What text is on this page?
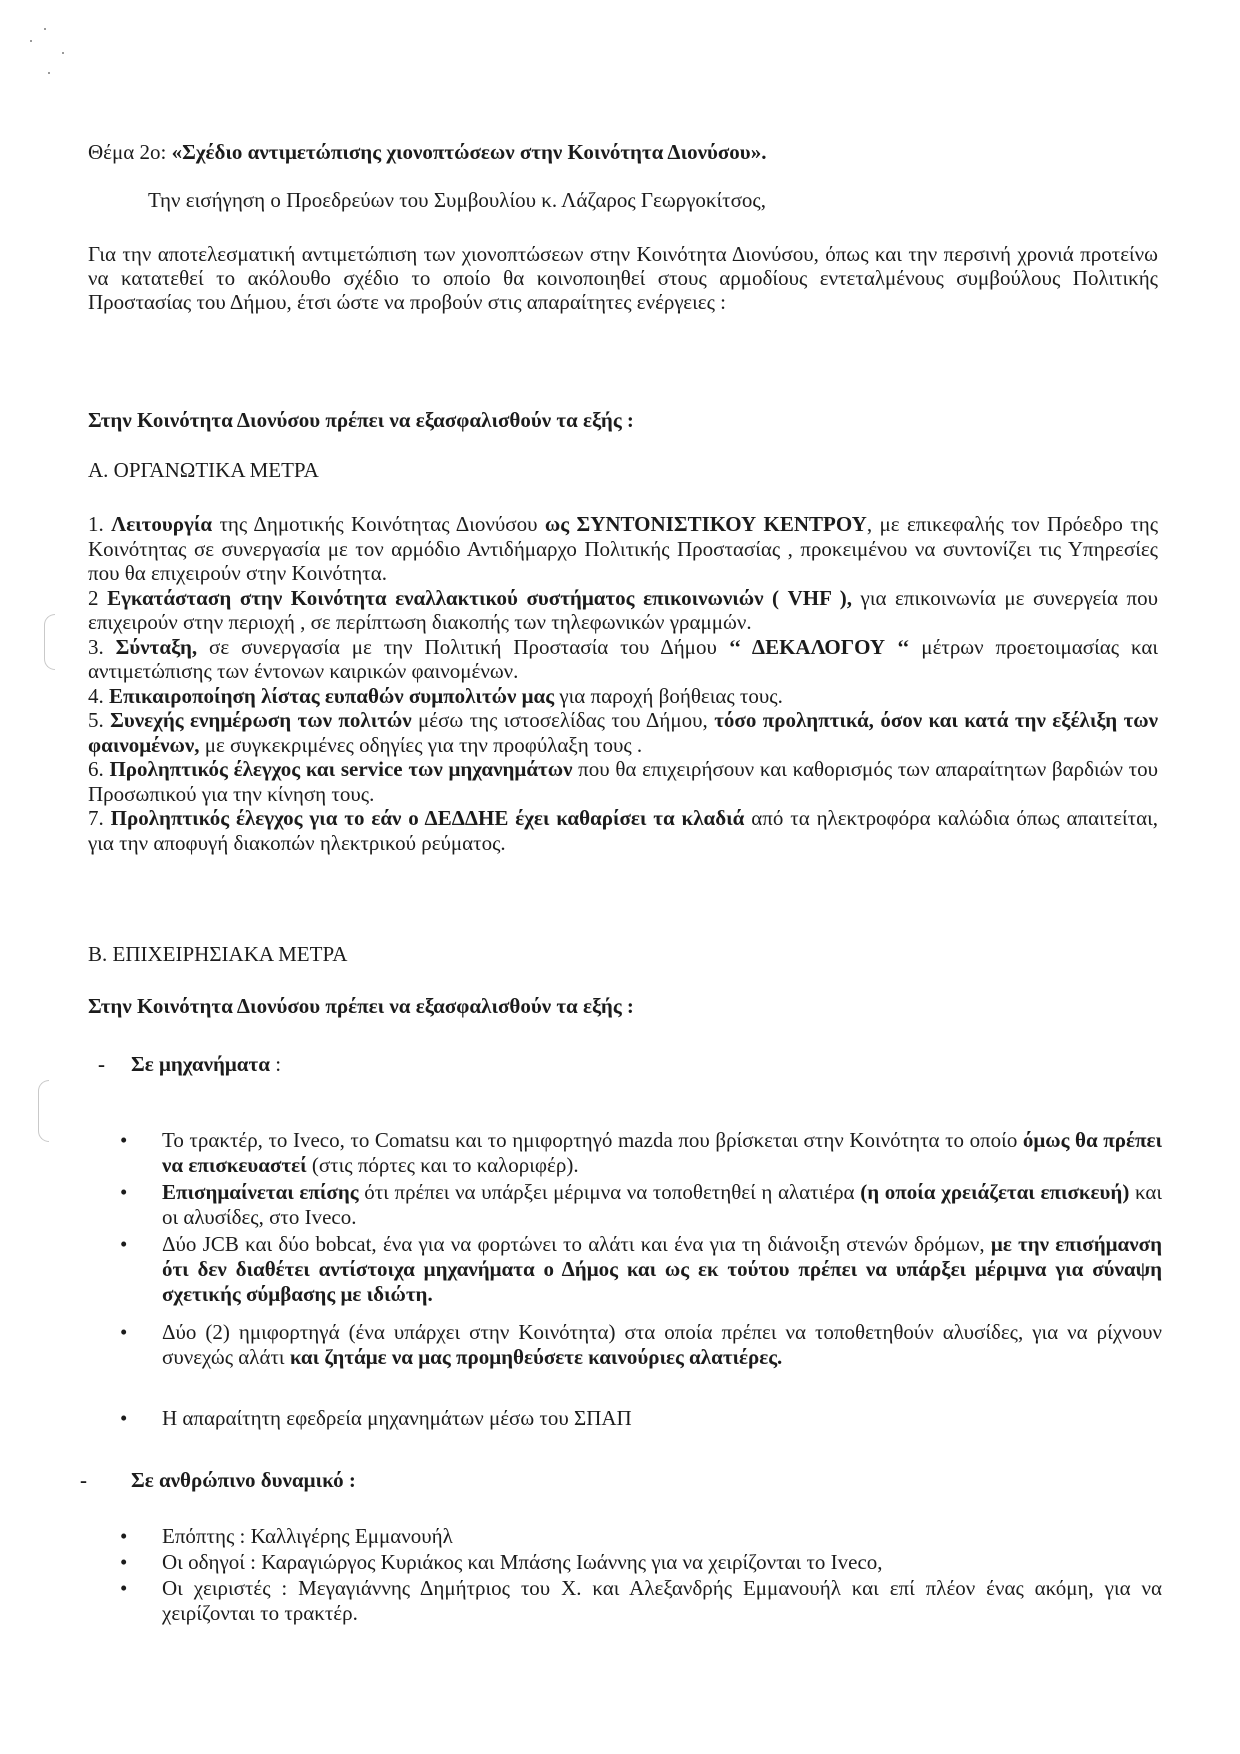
Θέμα 2ο: «Σχέδιο αντιμετώπισης χιονοπτώσεων στην Κοινότητα Διονύσου».
Την εισήγηση ο Προεδρεύων του Συμβουλίου κ. Λάζαρος Γεωργοκίτσος,
Για την αποτελεσματική αντιμετώπιση των χιονοπτώσεων στην Κοινότητα Διονύσου, όπως και την περσινή χρονιά προτείνω να κατατεθεί το ακόλουθο σχέδιο το οποίο θα κοινοποιηθεί στους αρμοδίους εντεταλμένους συμβούλους Πολιτικής Προστασίας του Δήμου, έτσι ώστε να προβούν στις απαραίτητες ενέργειες :
Στην Κοινότητα Διονύσου πρέπει να εξασφαλισθούν τα εξής :
Α. ΟΡΓΑΝΩΤΙΚΑ ΜΕΤΡΑ
1. Λειτουργία της Δημοτικής Κοινότητας Διονύσου ως ΣΥΝΤΟΝΙΣΤΙΚΟΥ ΚΕΝΤΡΟΥ, με επικεφαλής τον Πρόεδρο της Κοινότητας σε συνεργασία με τον αρμόδιο Αντιδήμαρχο Πολιτικής Προστασίας , προκειμένου να συντονίζει τις Υπηρεσίες που θα επιχειρούν στην Κοινότητα.
2 Εγκατάσταση στην Κοινότητα εναλλακτικού συστήματος επικοινωνιών ( VHF ), για επικοινωνία με συνεργεία που επιχειρούν στην περιοχή , σε περίπτωση διακοπής των τηλεφωνικών γραμμών.
3. Σύνταξη, σε συνεργασία με την Πολιτική Προστασία του Δήμου ‘‘ ΔΕΚΑΛΟΓΟΥ ‘‘ μέτρων προετοιμασίας και αντιμετώπισης των έντονων καιρικών φαινομένων.
4. Επικαιροποίηση λίστας ευπαθών συμπολιτών μας για παροχή βοήθειας τους.
5. Συνεχής ενημέρωση των πολιτών μέσω της ιστοσελίδας του Δήμου, τόσο προληπτικά, όσον και κατά την εξέλιξη των φαινομένων, με συγκεκριμένες οδηγίες για την προφύλαξη τους .
6. Προληπτικός έλεγχος και service των μηχανημάτων που θα επιχειρήσουν και καθορισμός των απαραίτητων βαρδιών του Προσωπικού για την κίνηση τους.
7. Προληπτικός έλεγχος για το εάν ο ΔΕΔΔΗΕ έχει καθαρίσει τα κλαδιά από τα ηλεκτροφόρα καλώδια όπως απαιτείται, για την αποφυγή διακοπών ηλεκτρικού ρεύματος.
Β. ΕΠΙΧΕΙΡΗΣΙΑΚΑ ΜΕΤΡΑ
Στην Κοινότητα Διονύσου πρέπει να εξασφαλισθούν τα εξής :
- Σε μηχανήματα :
• Το τρακτέρ, το Iveco, το Comatsu και το ημιφορτηγό mazda που βρίσκεται στην Κοινότητα το οποίο όμως θα πρέπει να επισκευαστεί (στις πόρτες και το καλοριφέρ).
• Επισημαίνεται επίσης ότι πρέπει να υπάρξει μέριμνα να τοποθετηθεί η αλατιέρα (η οποία χρειάζεται επισκευή) και οι αλυσίδες, στο Iveco.
• Δύο JCB και δύο bobcat, ένα για να φορτώνει το αλάτι και ένα για τη διάνοιξη στενών δρόμων, με την επισήμανση ότι δεν διαθέτει αντίστοιχα μηχανήματα ο Δήμος και ως εκ τούτου πρέπει να υπάρξει μέριμνα για σύναψη σχετικής σύμβασης με ιδιώτη.
• Δύο (2) ημιφορτηγά (ένα υπάρχει στην Κοινότητα) στα οποία πρέπει να τοποθετηθούν αλυσίδες, για να ρίχνουν συνεχώς αλάτι και ζητάμε να μας προμηθεύσετε καινούριες αλατιέρες.
• Η απαραίτητη εφεδρεία μηχανημάτων μέσω του ΣΠΑΠ
- Σε ανθρώπινο δυναμικό :
• Επόπτης : Καλλιγέρης Εμμανουήλ
• Οι οδηγοί : Καραγιώργος Κυριάκος και Μπάσης Ιωάννης για να χειρίζονται το Iveco,
• Οι χειριστές : Μεγαγιάννης Δημήτριος του Χ. και Αλεξανδρής Εμμανουήλ και επί πλέον ένας ακόμη, για να χειρίζονται το τρακτέρ.
